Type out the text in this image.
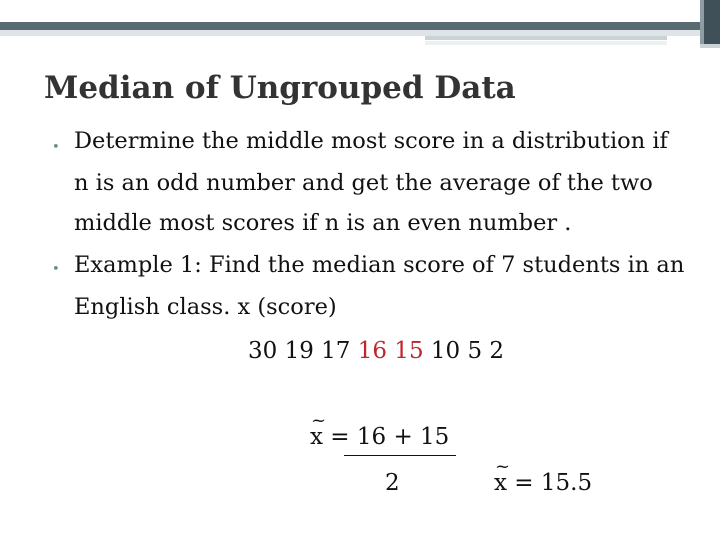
Median of Ungrouped Data
• Determine the middle most score in a distribution if
n is an odd number and get the average of the two
middle most scores if n is an even number .
• Example 1: Find the median score of 7 students in an
English class. x (score)
30 19 17 16 15 10 5 2
~ x = 16 + 15
2
~	x = 15.5
